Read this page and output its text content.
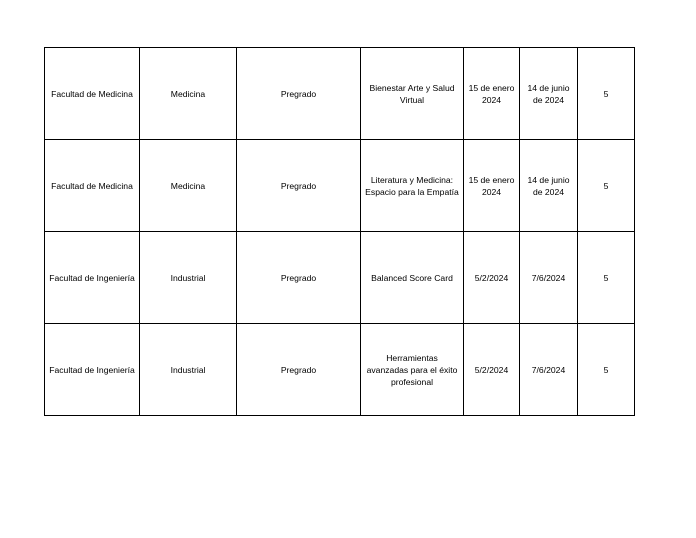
Facultad de Medicina	Medicina	Pregrado	Bienestar Arte y Salud Virtual	15 de enero 2024	14 de junio de 2024	5
Facultad de Medicina	Medicina	Pregrado	Literatura y Medicina: Espacio para la Empatía	15 de enero 2024	14 de junio de 2024	5
Facultad de Ingeniería	Industrial	Pregrado	Balanced Score Card	5/2/2024	7/6/2024	5
Facultad de Ingeniería	Industrial	Pregrado	Herramientas avanzadas para el éxito profesional	5/2/2024	7/6/2024	5
